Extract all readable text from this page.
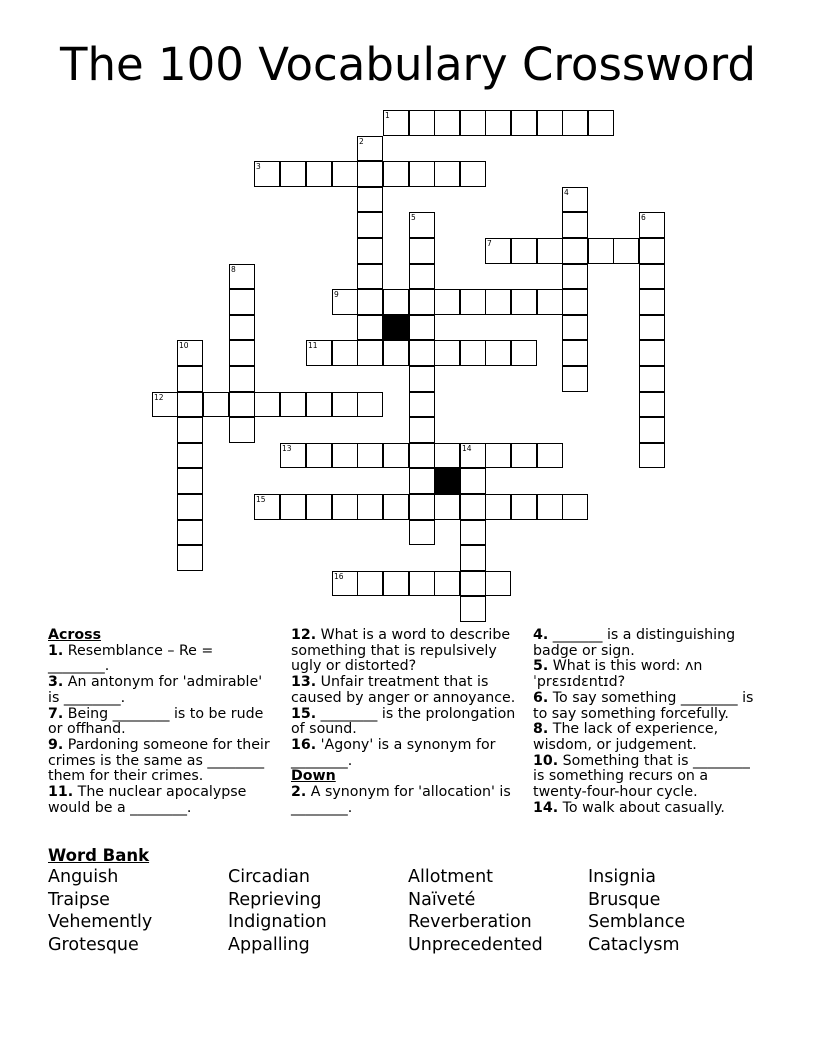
The 100 Vocabulary Crossword
1
2
3
4
5	6
7
8
9
10	11
12
13	14
15
16
Across
1. Resemblance – Re = ________.
3. An antonym for 'admirable' is ________.
7. Being ________ is to be rude or offhand.
9. Pardoning someone for their crimes is the same as ________ them for their crimes.
11. The nuclear apocalypse would be a ________.
12. What is a word to describe something that is repulsively ugly or distorted?
13. Unfair treatment that is caused by anger or annoyance.
15. ________ is the prolongation of sound.
16. 'Agony' is a synonym for ________.
Down
2. A synonym for 'allocation' is ________.
4. _______ is a distinguishing badge or sign.
5. What is this word: ʌnˈprɛsɪdɛntɪd?
6. To say something ________ is to say something forcefully.
8. The lack of experience, wisdom, or judgement.
10. Something that is ________ is something recurs on a twenty-four-hour cycle.
14. To walk about casually.
Word Bank
Anguish	Circadian	Allotment	Insignia
Traipse	Reprieving	Naïveté	Brusque
Vehemently	Indignation	Reverberation	Semblance
Grotesque	Appalling	Unprecedented	Cataclysm
